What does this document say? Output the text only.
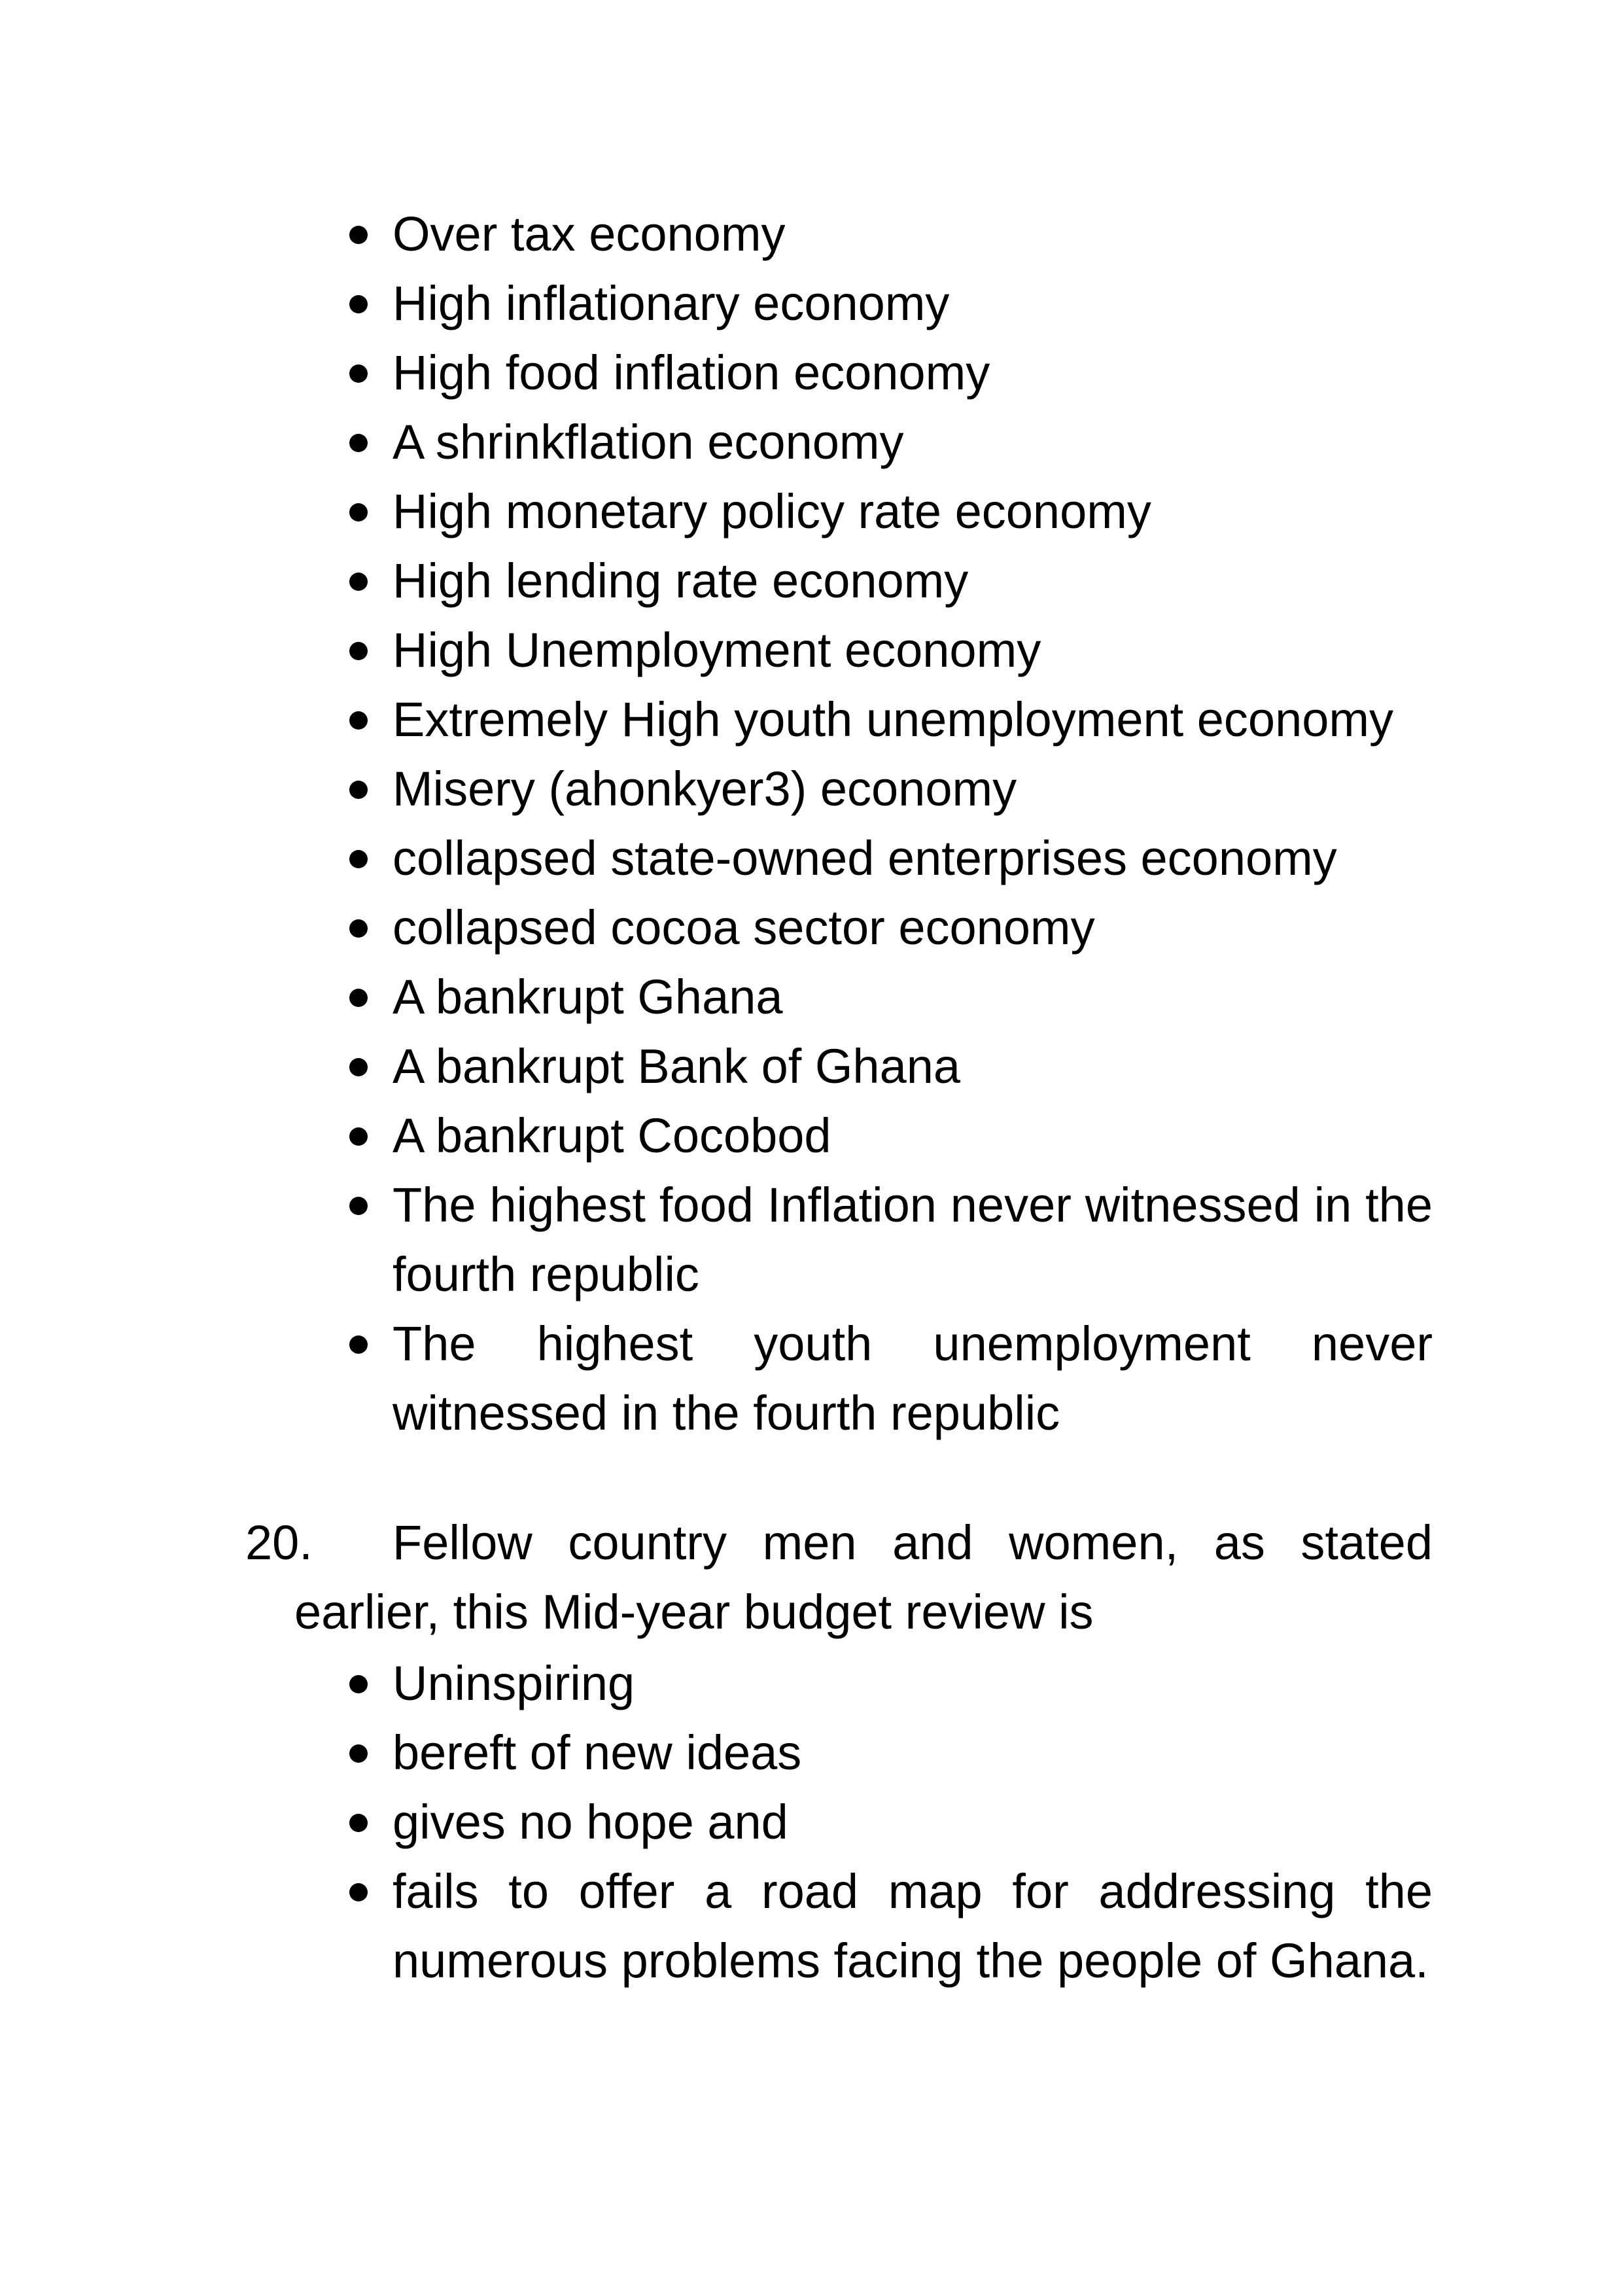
Over tax economy
High inflationary economy
High food inflation economy
A shrinkflation economy
High monetary policy rate economy
High lending rate economy
High Unemployment economy
Extremely High youth unemployment economy
Misery (ahonkyer3) economy
collapsed state-owned enterprises economy
collapsed cocoa sector economy
A bankrupt Ghana
A bankrupt Bank of Ghana
A bankrupt Cocobod
The highest food Inflation never witnessed in the fourth republic
The highest youth unemployment never witnessed in the fourth republic
20.	Fellow country men and women, as stated
earlier, this Mid-year budget review is
Uninspiring
bereft of new ideas
gives no hope and
fails to offer a road map for addressing the numerous problems facing the people of Ghana.
